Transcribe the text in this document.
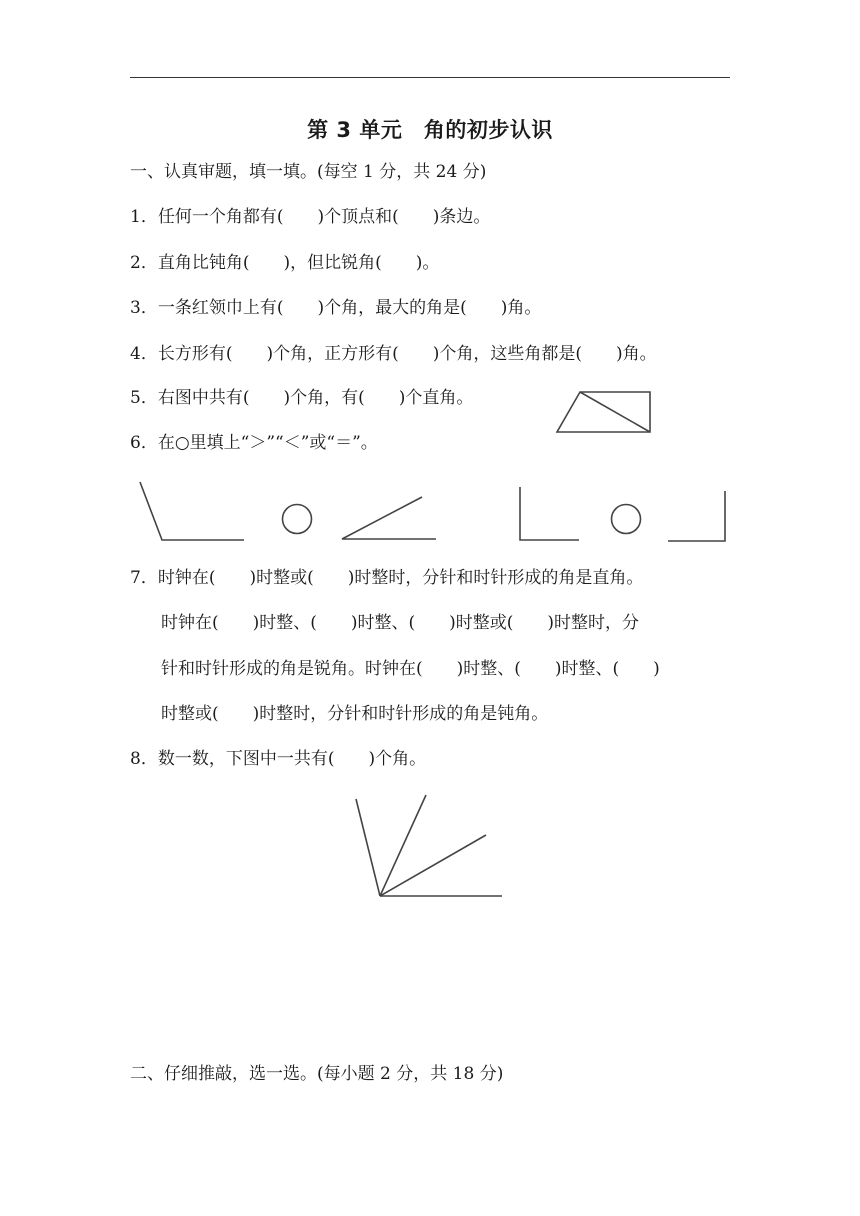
第 3 单元　角的初步认识
一、认真审题，填一填。(每空 1 分，共 24 分)
1．任何一个角都有(　　)个顶点和(　　)条边。
2．直角比钝角(　　)，但比锐角(　　)。
3．一条红领巾上有(　　)个角，最大的角是(　　)角。
4．长方形有(　　)个角，正方形有(　　)个角，这些角都是(　　)角。
5．右图中共有(　　)个角，有(　　)个直角。
6．在○里填上“＞”“＜”或“＝”。
7．时钟在(　　)时整或(　　)时整时，分针和时针形成的角是直角。
时钟在(　　)时整、(　　)时整、(　　)时整或(　　)时整时，分
针和时针形成的角是锐角。时钟在(　　)时整、(　　)时整、(　　)
时整或(　　)时整时，分针和时针形成的角是钝角。
8．数一数，下图中一共有(　　)个角。
二、仔细推敲，选一选。(每小题 2 分，共 18 分)
